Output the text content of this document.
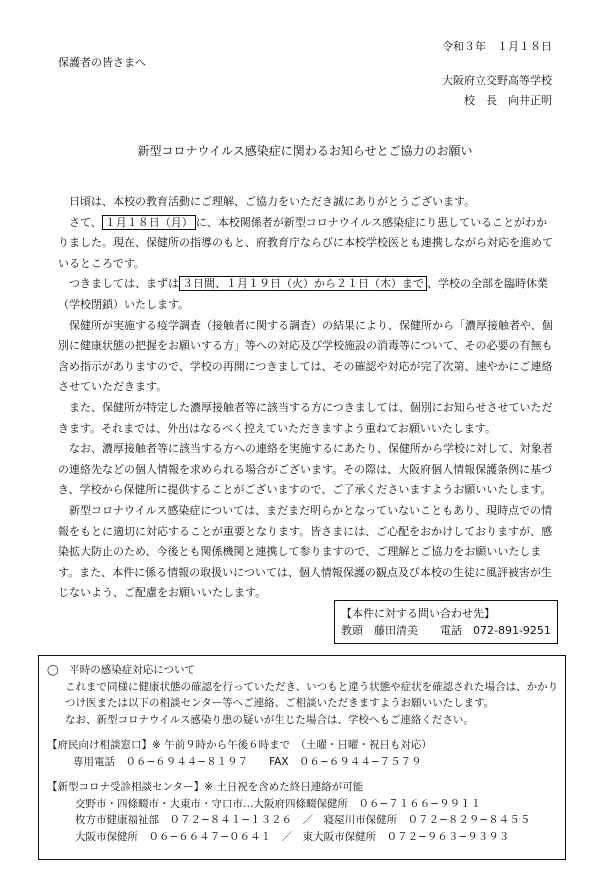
令和３年　１月１８日
保護者の皆さまへ
大阪府立交野高等学校
校　長　向井正明
新型コロナウイルス感染症に関わるお知らせとご協力のお願い

日頃は、本校の教育活動にご理解、ご協力をいただき誠にありがとうございます。

さて、 １月１８日（月） に、本校関係者が新型コロナウイルス感染症にり患していることがわかりました。現在、保健所の指導のもと、府教育庁ならびに本校学校医とも連携しながら対応を進めているところです。

つきましては、まずは ３日間、１月１９日（火）から２１日（木）まで 、学校の全部を臨時休業（学校閉鎖）いたします。

保健所が実施する疫学調査（接触者に関する調査）の結果により、保健所から「濃厚接触者や、個別に健康状態の把握をお願いする方」等への対応及び学校施設の消毒等について、その必要の有無も含め指示がありますので、学校の再開につきましては、その確認や対応が完了次第、速やかにご連絡させていただきます。

また、保健所が特定した濃厚接触者等に該当する方につきましては、個別にお知らせさせていただきます。それまでは、外出はなるべく控えていただきますよう重ねてお願いいたします。

なお、濃厚接触者等に該当する方への連絡を実施するにあたり、保健所から学校に対して、対象者の連絡先などの個人情報を求められる場合がございます。その際は、大阪府個人情報保護条例に基づき、学校から保健所に提供することがございますので、ご了承くださいますようお願いいたします。

新型コロナウイルス感染症については、まだまだ明らかとなっていないこともあり、現時点での情報をもとに適切に対応することが重要となります。皆さまには、ご心配をおかけしておりますが、感染拡大防止のため、今後とも関係機関と連携して参りますので、ご理解とご協力をお願いいたします。また、本件に係る情報の取扱いについては、個人情報保護の観点及び本校の生徒に風評被害が生じないよう、ご配慮をお願いいたします。

【本件に対する問い合わせ先】
教頭　藤田清美　　電話　072-891-9251
◯　平時の感染症対応について
これまで同様に健康状態の確認を行っていただき、いつもと違う状態や症状を確認された場合は、かかり
つけ医または以下の相談センター等へご連絡、ご相談いただきますようお願いいたします。
なお、新型コロナウイルス感染り患の疑いが生じた場合は、学校へもご連絡ください。
【府民向け相談窓口】※ 午前９時から午後６時まで　（土曜・日曜・祝日も対応）
専用電話　０６−６９４４−８１９７　　FAX　０６−６９４４−７５７９
【新型コロナ受診相談センター】※ 土日祝を含めた終日連絡が可能
交野市・四條畷市・大東市・守口市…大阪府四條畷保健所　０６−７１６６−９９１１
枚方市健康福祉部　０７２−８４１−１３２６　／　寝屋川市保健所　０７２−８２９−８４５５
大阪市保健所　０６−６６４７−０６４１　／　東大阪市保健所　０７２−９６３−９３９３
